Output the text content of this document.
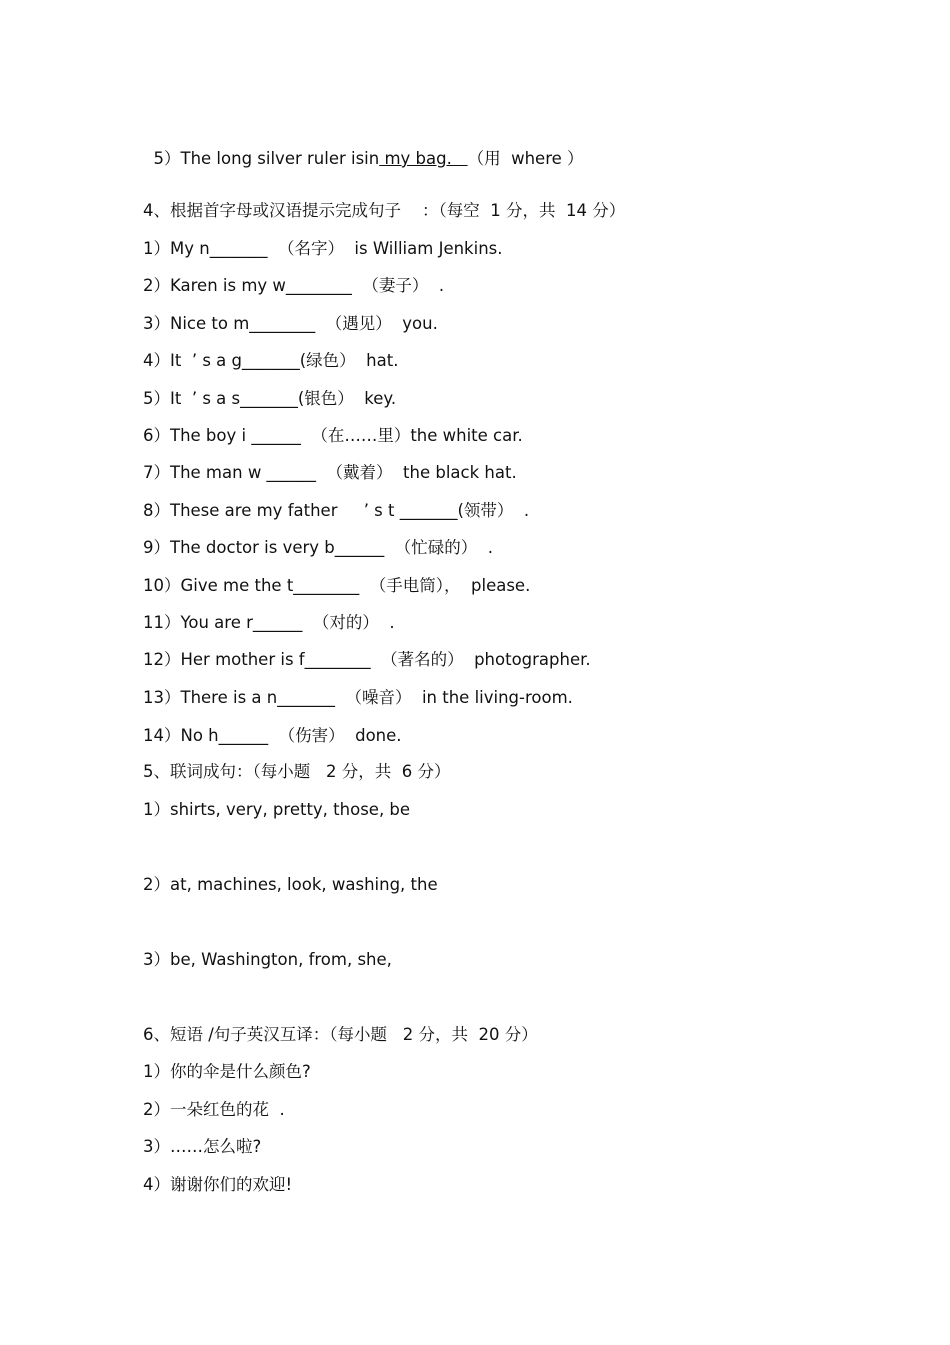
5）The long silver ruler isin my bag.   （用  where ）

4、根据首字母或汉语提示完成句子    ：（每空  1 分，共  14 分）
1）My n_______  （名字）  is William Jenkins.
2）Karen is my w________  （妻子）  .
3）Nice to m________  （遇见）  you.
4）It  ’ s a g_______(绿色）  hat.
5）It  ’ s a s_______(银色）  key.
6）The boy i ______  （在……里）the white car.
7）The man w ______  （戴着）  the black hat.
8）These are my father     ’ s t _______(领带）  .
9）The doctor is very b______  （忙碌的）  .
10）Give me the t________  （手电筒），  please.
11）You are r______  （对的）  .
12）Her mother is f________  （著名的）  photographer.
13）There is a n_______  （噪音）  in the living-room.
14）No h______  （伤害）  done.
5、联词成句：（每小题   2 分，共  6 分）
1）shirts, very, pretty, those, be
2）at, machines, look, washing, the
3）be, Washington, from, she,
6、短语 /句子英汉互译：（每小题   2 分，共  20 分）
1）你的伞是什么颜色?
2）一朵红色的花  .
3）……怎么啦?
4）谢谢你们的欢迎!
